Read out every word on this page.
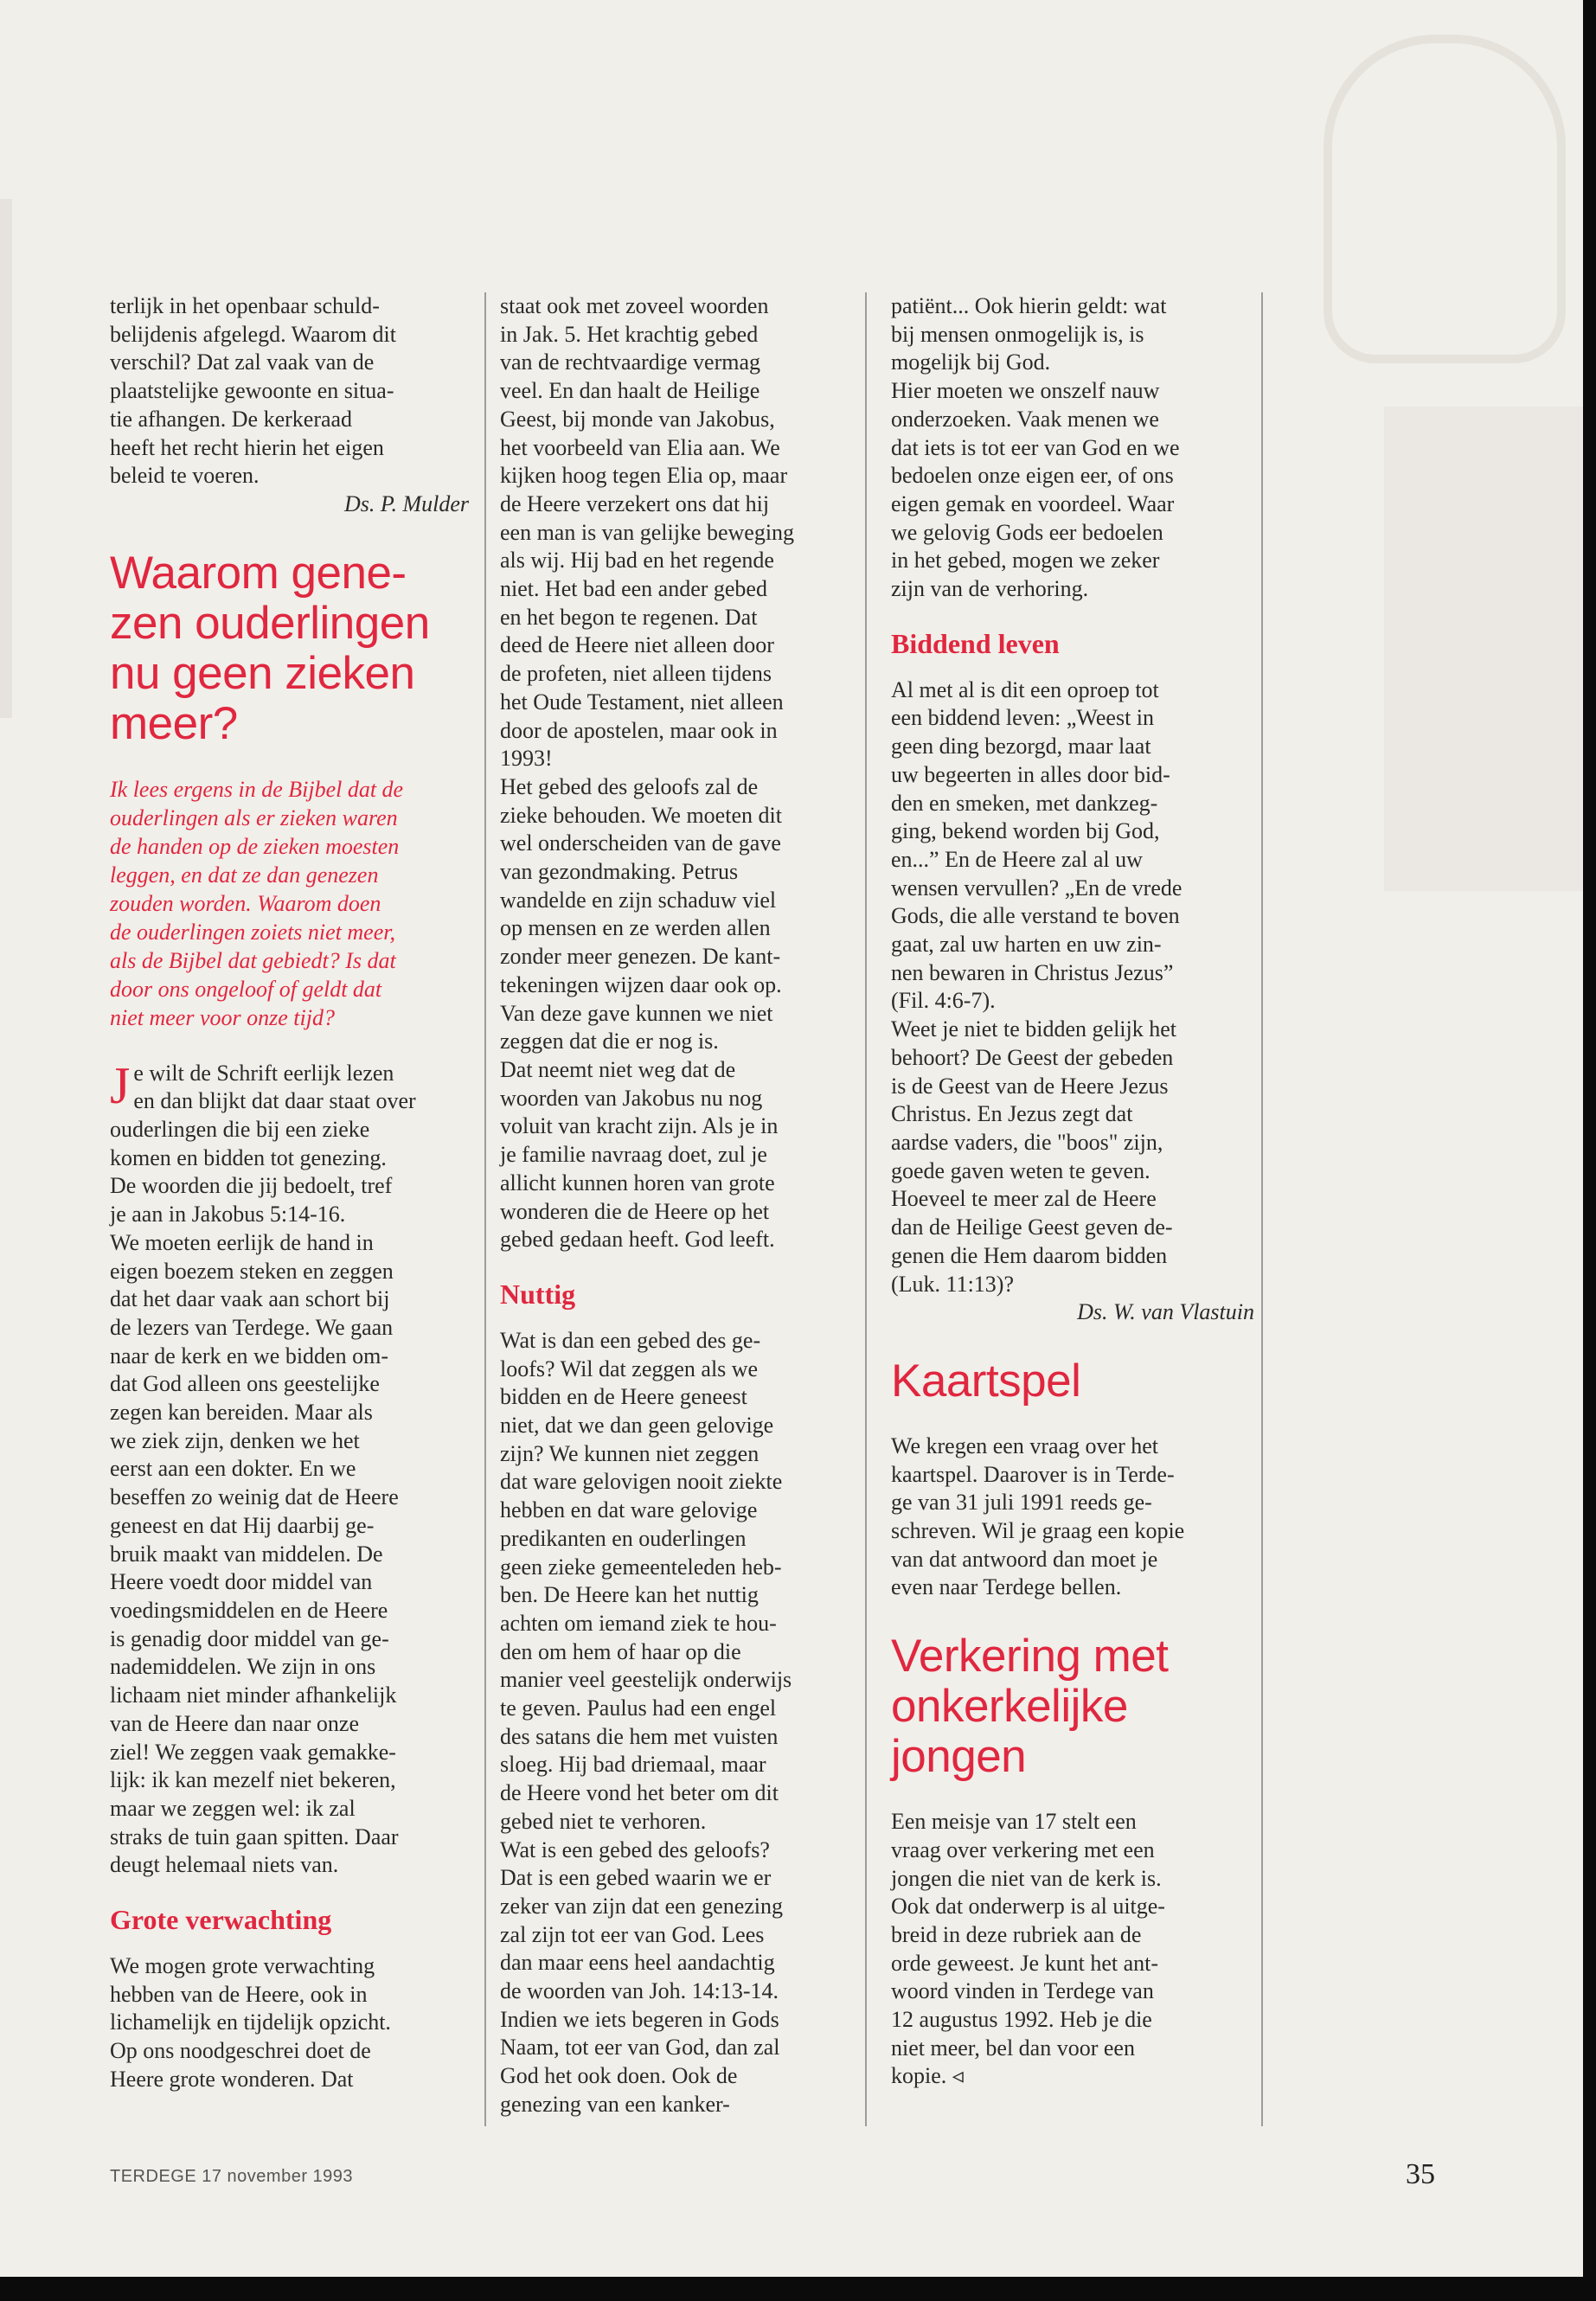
terlijk in het openbaar schuld-
belijdenis afgelegd. Waarom dit
verschil? Dat zal vaak van de
plaatstelijke gewoonte en situa-
tie afhangen. De kerkeraad
heeft het recht hierin het eigen
beleid te voeren.

Ds. P. Mulder

Waarom gene-
zen ouderlingen
nu geen zieken
meer?

Ik lees ergens in de Bijbel dat de
ouderlingen als er zieken waren
de handen op de zieken moesten
leggen, en dat ze dan genezen
zouden worden. Waarom doen
de ouderlingen zoiets niet meer,
als de Bijbel dat gebiedt? Is dat
door ons ongeloof of geldt dat
niet meer voor onze tijd?

Je wilt de Schrift eerlijk lezen
en dan blijkt dat daar staat over
ouderlingen die bij een zieke
komen en bidden tot genezing.
De woorden die jij bedoelt, tref
je aan in Jakobus 5:14-16.
We moeten eerlijk de hand in
eigen boezem steken en zeggen
dat het daar vaak aan schort bij
de lezers van Terdege. We gaan
naar de kerk en we bidden om-
dat God alleen ons geestelijke
zegen kan bereiden. Maar als
we ziek zijn, denken we het
eerst aan een dokter. En we
beseffen zo weinig dat de Heere
geneest en dat Hij daarbij ge-
bruik maakt van middelen. De
Heere voedt door middel van
voedingsmiddelen en de Heere
is genadig door middel van ge-
nademiddelen. We zijn in ons
lichaam niet minder afhankelijk
van de Heere dan naar onze
ziel! We zeggen vaak gemakke-
lijk: ik kan mezelf niet bekeren,
maar we zeggen wel: ik zal
straks de tuin gaan spitten. Daar
deugt helemaal niets van.

Grote verwachting

We mogen grote verwachting
hebben van de Heere, ook in
lichamelijk en tijdelijk opzicht.
Op ons noodgeschrei doet de
Heere grote wonderen. Dat

staat ook met zoveel woorden
in Jak. 5. Het krachtig gebed
van de rechtvaardige vermag
veel. En dan haalt de Heilige
Geest, bij monde van Jakobus,
het voorbeeld van Elia aan. We
kijken hoog tegen Elia op, maar
de Heere verzekert ons dat hij
een man is van gelijke beweging
als wij. Hij bad en het regende
niet. Het bad een ander gebed
en het begon te regenen. Dat
deed de Heere niet alleen door
de profeten, niet alleen tijdens
het Oude Testament, niet alleen
door de apostelen, maar ook in
1993!
Het gebed des geloofs zal de
zieke behouden. We moeten dit
wel onderscheiden van de gave
van gezondmaking. Petrus
wandelde en zijn schaduw viel
op mensen en ze werden allen
zonder meer genezen. De kant-
tekeningen wijzen daar ook op.
Van deze gave kunnen we niet
zeggen dat die er nog is.
Dat neemt niet weg dat de
woorden van Jakobus nu nog
voluit van kracht zijn. Als je in
je familie navraag doet, zul je
allicht kunnen horen van grote
wonderen die de Heere op het
gebed gedaan heeft. God leeft.

Nuttig

Wat is dan een gebed des ge-
loofs? Wil dat zeggen als we
bidden en de Heere geneest
niet, dat we dan geen gelovige
zijn? We kunnen niet zeggen
dat ware gelovigen nooit ziekte
hebben en dat ware gelovige
predikanten en ouderlingen
geen zieke gemeenteleden heb-
ben. De Heere kan het nuttig
achten om iemand ziek te hou-
den om hem of haar op die
manier veel geestelijk onderwijs
te geven. Paulus had een engel
des satans die hem met vuisten
sloeg. Hij bad driemaal, maar
de Heere vond het beter om dit
gebed niet te verhoren.
Wat is een gebed des geloofs?
Dat is een gebed waarin we er
zeker van zijn dat een genezing
zal zijn tot eer van God. Lees
dan maar eens heel aandachtig
de woorden van Joh. 14:13-14.
Indien we iets begeren in Gods
Naam, tot eer van God, dan zal
God het ook doen. Ook de
genezing van een kanker-

patiënt... Ook hierin geldt: wat
bij mensen onmogelijk is, is
mogelijk bij God.
Hier moeten we onszelf nauw
onderzoeken. Vaak menen we
dat iets is tot eer van God en we
bedoelen onze eigen eer, of ons
eigen gemak en voordeel. Waar
we gelovig Gods eer bedoelen
in het gebed, mogen we zeker
zijn van de verhoring.

Biddend leven

Al met al is dit een oproep tot
een biddend leven: „Weest in
geen ding bezorgd, maar laat
uw begeerten in alles door bid-
den en smeken, met dankzeg-
ging, bekend worden bij God,
en...” En de Heere zal al uw
wensen vervullen? „En de vrede
Gods, die alle verstand te boven
gaat, zal uw harten en uw zin-
nen bewaren in Christus Jezus”
(Fil. 4:6-7).
Weet je niet te bidden gelijk het
behoort? De Geest der gebeden
is de Geest van de Heere Jezus
Christus. En Jezus zegt dat
aardse vaders, die "boos" zijn,
goede gaven weten te geven.
Hoeveel te meer zal de Heere
dan de Heilige Geest geven de-
genen die Hem daarom bidden
(Luk. 11:13)?

Ds. W. van Vlastuin

Kaartspel

We kregen een vraag over het
kaartspel. Daarover is in Terde-
ge van 31 juli 1991 reeds ge-
schreven. Wil je graag een kopie
van dat antwoord dan moet je
even naar Terdege bellen.

Verkering met
onkerkelijke
jongen

Een meisje van 17 stelt een
vraag over verkering met een
jongen die niet van de kerk is.
Ook dat onderwerp is al uitge-
breid in deze rubriek aan de
orde geweest. Je kunt het ant-
woord vinden in Terdege van
12 augustus 1992. Heb je die
niet meer, bel dan voor een
kopie. ◃

TERDEGE 17 november 1993	35
